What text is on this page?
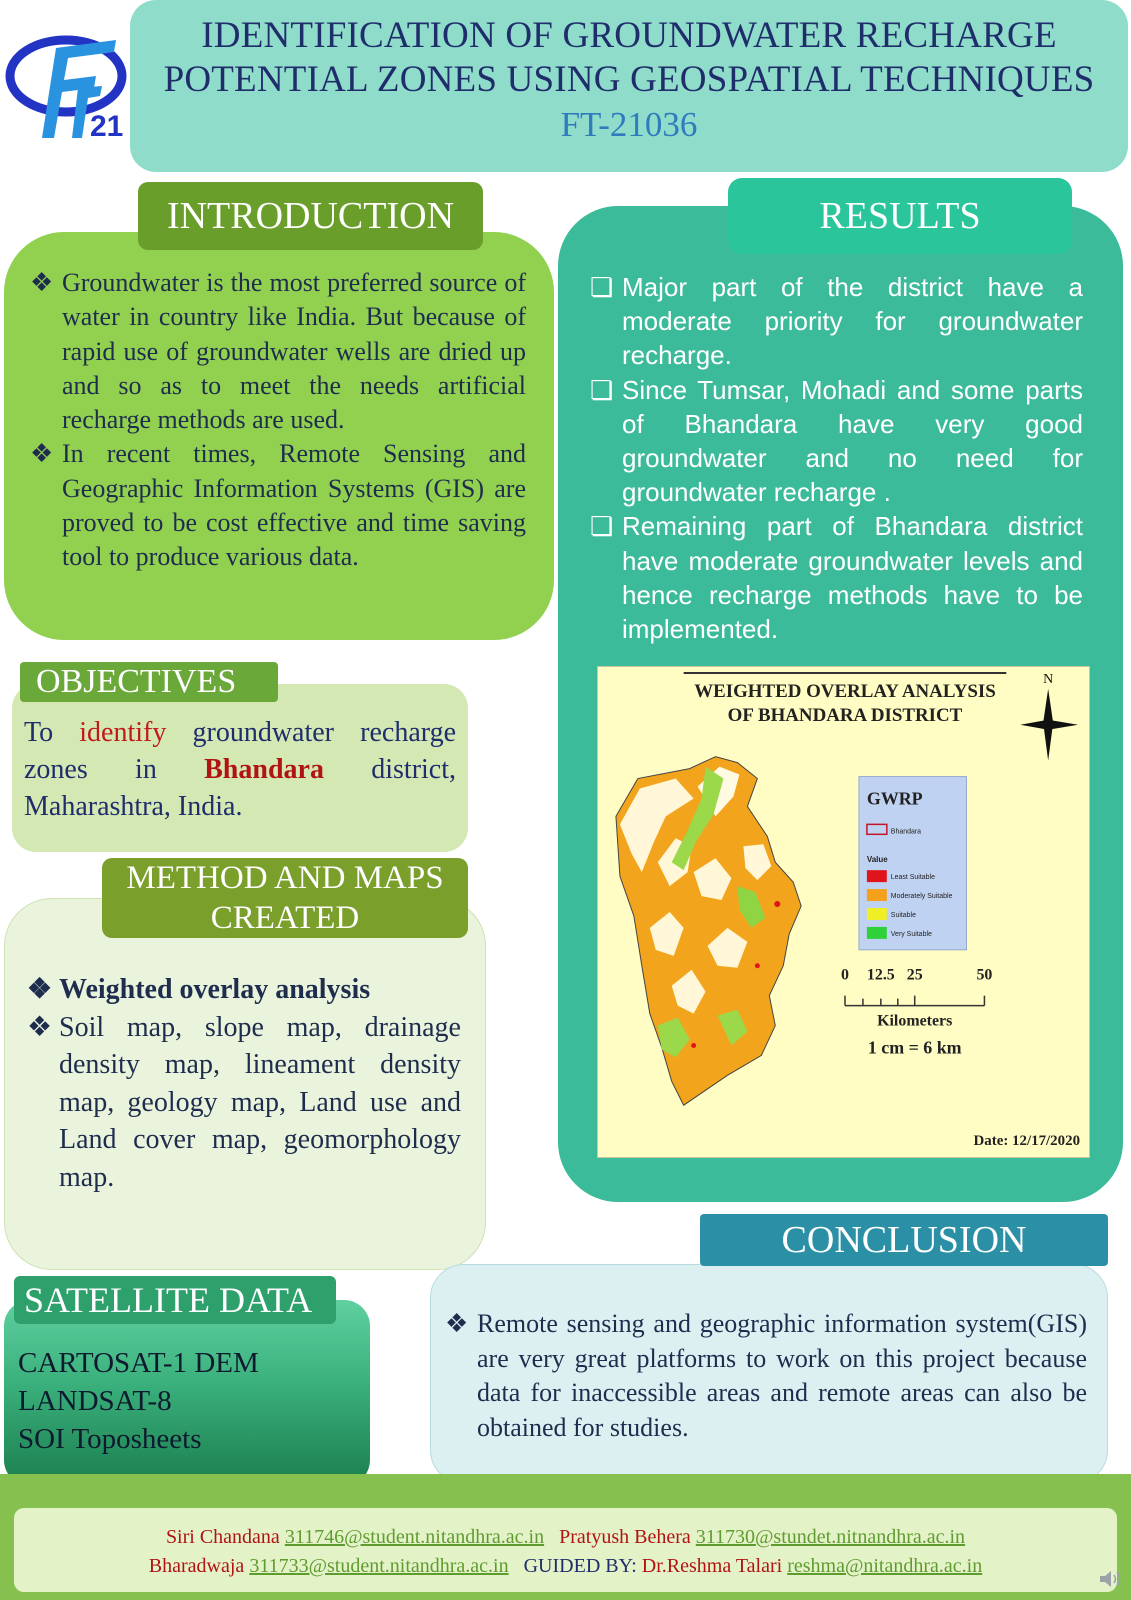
21
IDENTIFICATION OF GROUNDWATER RECHARGE
POTENTIAL ZONES USING GEOSPATIAL TECHNIQUES
FT-21036
❖ Groundwater is the most preferred source of water in country like India. But because of rapid use of groundwater wells are dried up and so as to meet the needs artificial recharge methods are used.
❖ In recent times, Remote Sensing and Geographic Information Systems (GIS) are proved to be cost effective and time saving tool to produce various data.
INTRODUCTION
To identify groundwater recharge zones in Bhandara district, Maharashtra, India.
OBJECTIVES
❖ Weighted overlay analysis
❖ Soil map, slope map, drainage density map, lineament density map, geology map, Land use and Land cover map, geomorphology map.
METHOD AND MAPS CREATED
CARTOSAT-1 DEM
LANDSAT-8
SOI Toposheets
SATELLITE DATA
❏ Major part of the district have a moderate priority for groundwater recharge.
❏ Since Tumsar, Mohadi and some parts of Bhandara have very good groundwater and no need for groundwater recharge .
❏ Remaining part of Bhandara district have moderate groundwater levels and hence recharge methods have to be implemented.
RESULTS
WEIGHTED OVERLAY ANALYSIS
OF BHANDARA DISTRICT
N
GWRP
Bhandara
Value
Least Suitable
Moderately Suitable
Suitable
Very Suitable
0 12.5 25	50
Kilometers
1 cm = 6 km
Date: 12/17/2020
❖ Remote sensing and geographic information system(GIS) are very great platforms to work on this project because data for inaccessible areas and remote areas can also be obtained for studies.
CONCLUSION
Siri Chandana 311746@student.nitandhra.ac.in Pratyush Behera 311730@stundet.nitnandhra.ac.in
Bharadwaja 311733@student.nitandhra.ac.in GUIDED BY: Dr.Reshma Talari reshma@nitandhra.ac.in
